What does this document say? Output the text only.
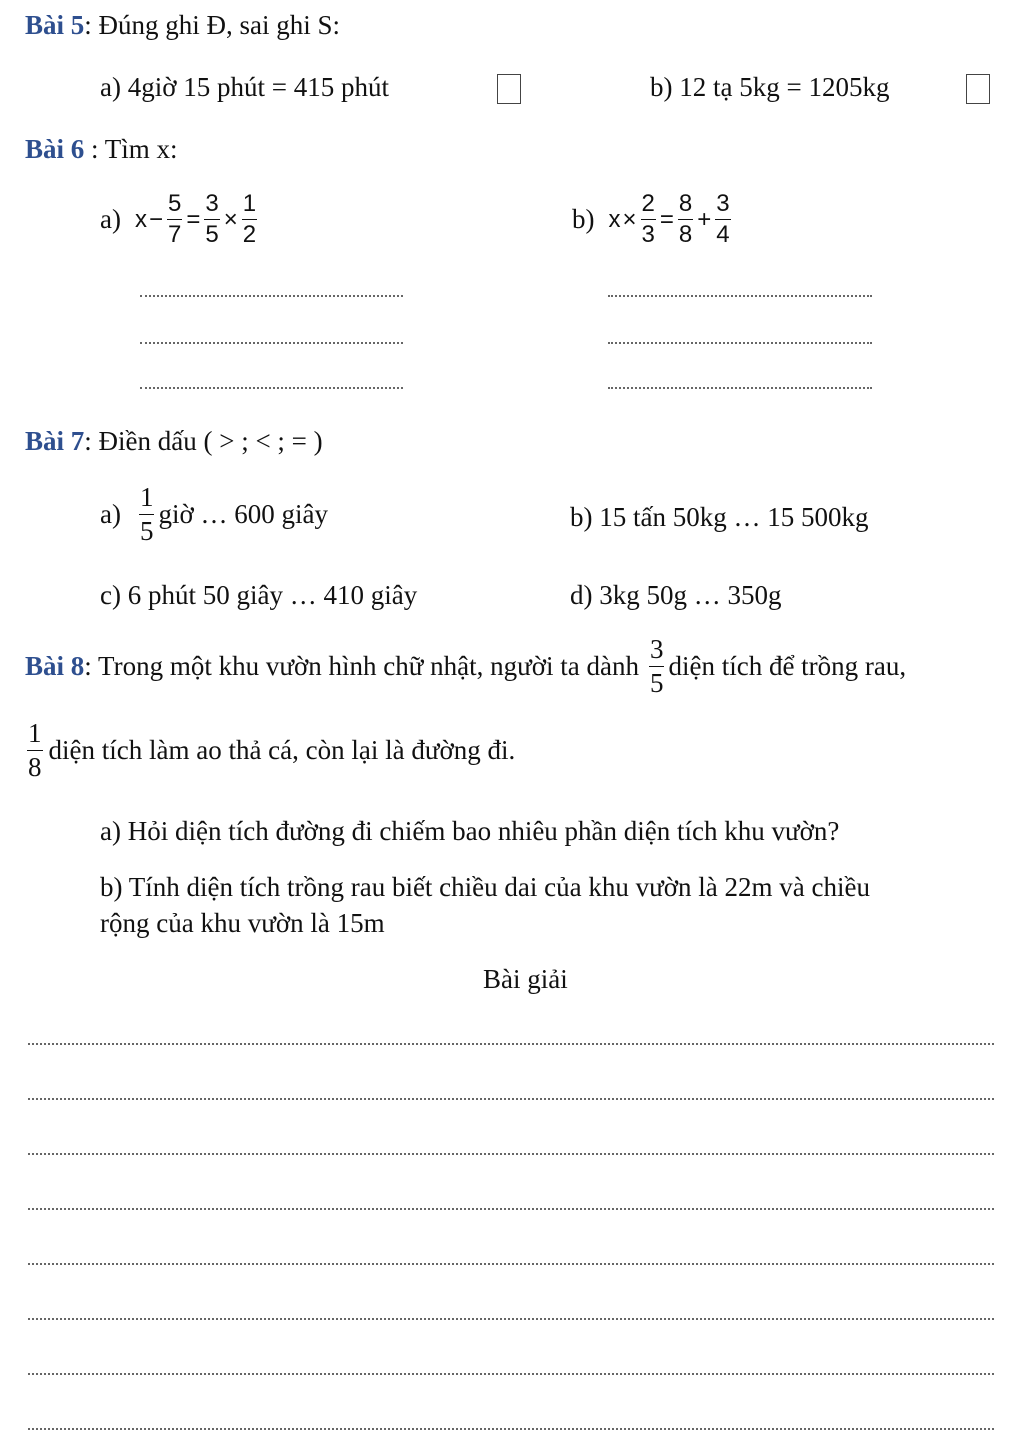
Bài 5: Đúng ghi Đ, sai ghi S:
a) 4giờ 15 phút = 415 phút	b) 12 tạ 5kg = 1205kg
Bài 6 : Tìm x:
a) $x - \frac{5}{7} = \frac{3}{5} \times \frac{1}{2}$	b) $x \times \frac{2}{3} = \frac{8}{8} + \frac{3}{4}$
Bài 7: Điền dấu ( > ; < ; = )
$a) \frac{1}{5}$ giờ … 600 giây	b) 15 tấn 50kg … 15 500kg
c) 6 phút 50 giây … 410 giây	d) 3kg 50g … 350g
Bài 8 : Trong một khu vườn hình chữ nhật, người ta dành $\frac{3}{5}$ diện tích để trồng rau,
$\frac{1}{8}$ diện tích làm ao thả cá, còn lại là đường đi.
a) Hỏi diện tích đường đi chiếm bao nhiêu phần diện tích khu vườn?
b) Tính diện tích trồng rau biết chiều dai của khu vườn là 22m và chiều
rộng của khu vườn là 15m
Bài giải
